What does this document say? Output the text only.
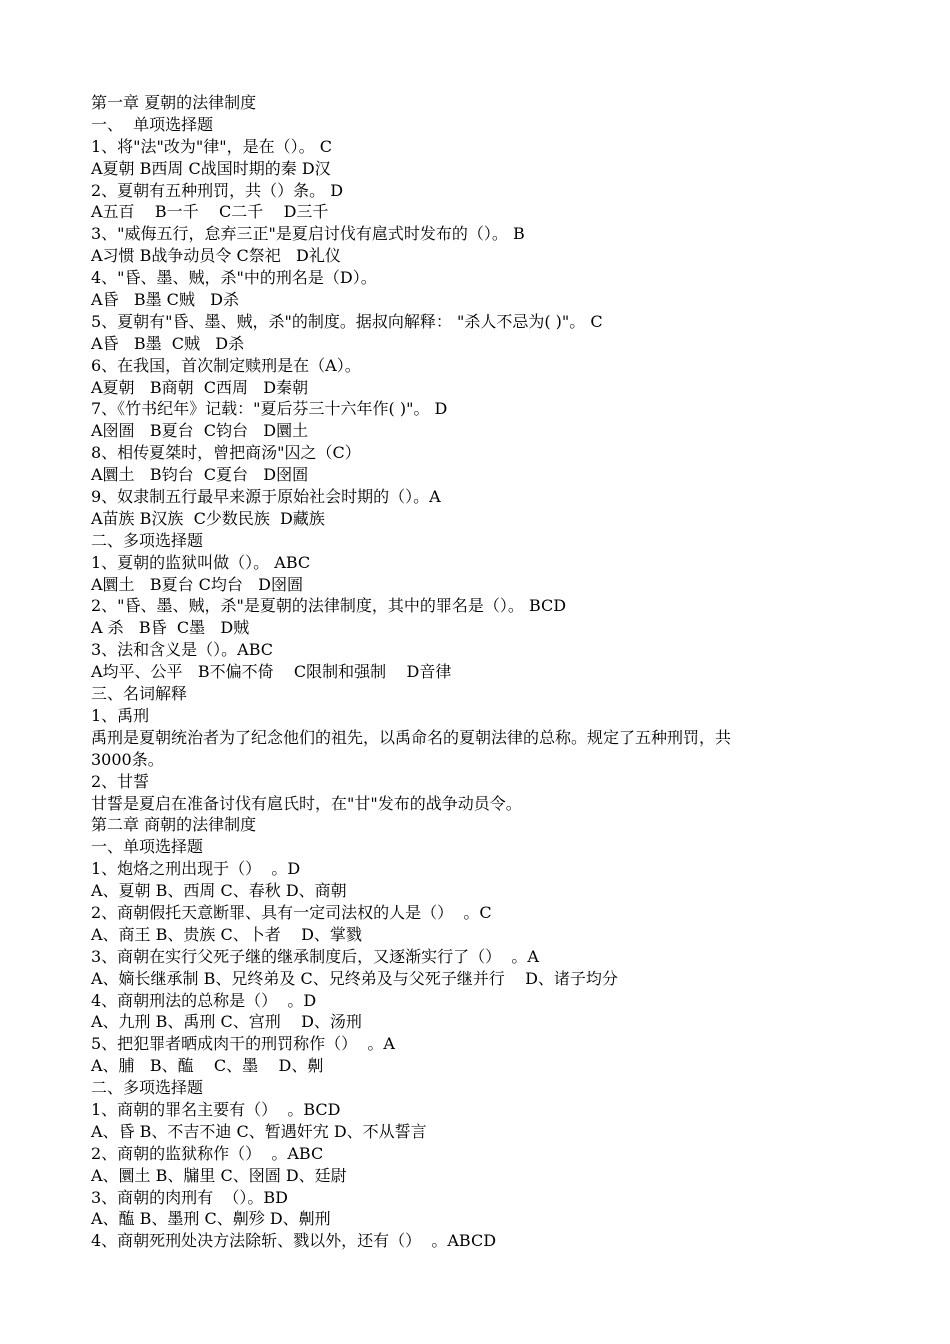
第一章 夏朝的法律制度
一、  单项选择题
1、将"法"改为"律"，是在（）。 C
A夏朝 B西周 C战国时期的秦 D汉
2、夏朝有五种刑罚，共（）条。 D
A五百    B一千    C二千    D三千
3、"威侮五行，怠弃三正"是夏启讨伐有扈式时发布的（）。 B
A习惯 B战争动员令 C祭祀   D礼仪
4、"昏、墨、贼，杀"中的刑名是（D）。
A昏   B墨 C贼   D杀
5、夏朝有"昏、墨、贼，杀"的制度。据叔向解释： "杀人不忌为( )"。 C
A昏   B墨  C贼   D杀
6、在我国，首次制定赎刑是在（A）。
A夏朝   B商朝  C西周   D秦朝
7、《竹书纪年》记载："夏后芬三十六年作( )"。 D
A囹圄   B夏台  C钧台   D圜土
8、相传夏桀时，曾把商汤"囚之（C）
A圜土   B钧台  C夏台   D囹圄
9、奴隶制五行最早来源于原始社会时期的（）。A
A苗族 B汉族  C少数民族  D藏族
二、多项选择题
1、夏朝的监狱叫做（）。 ABC
A圜土   B夏台 C均台   D囹圄
2、"昏、墨、贼，杀"是夏朝的法律制度，其中的罪名是（）。 BCD
A 杀   B昏  C墨   D贼
3、法和含义是（）。ABC
A均平、公平   B不偏不倚    C限制和强制    D音律
三、名词解释
1、禹刑
禹刑是夏朝统治者为了纪念他们的祖先，以禹命名的夏朝法律的总称。规定了五种刑罚，共
3000条。
2、甘誓
甘誓是夏启在准备讨伐有扈氏时，在"甘"发布的战争动员令。
第二章 商朝的法律制度
一、单项选择题
1、炮烙之刑出现于（）  。D
A、夏朝 B、西周 C、春秋 D、商朝
2、商朝假托天意断罪、具有一定司法权的人是（）  。C
A、商王 B、贵族 C、卜者    D、掌戮
3、商朝在实行父死子继的继承制度后，又逐渐实行了（）  。A
A、嫡长继承制 B、兄终弟及 C、兄终弟及与父死子继并行    D、诸子均分
4、商朝刑法的总称是（）  。D
A、九刑 B、禹刑 C、宫刑    D、汤刑
5、把犯罪者晒成肉干的刑罚称作（）  。A
A、脯   B、醢    C、墨    D、劓
二、多项选择题
1、商朝的罪名主要有（）  。BCD
A、昏 B、不吉不迪 C、暂遇奸宄 D、不从誓言
2、商朝的监狱称作（）  。ABC
A、圜土 B、牖里 C、囹圄 D、廷尉
3、商朝的肉刑有  （）。BD
A、醢 B、墨刑 C、劓殄 D、劓刑
4、商朝死刑处决方法除斩、戮以外，还有（）  。ABCD
